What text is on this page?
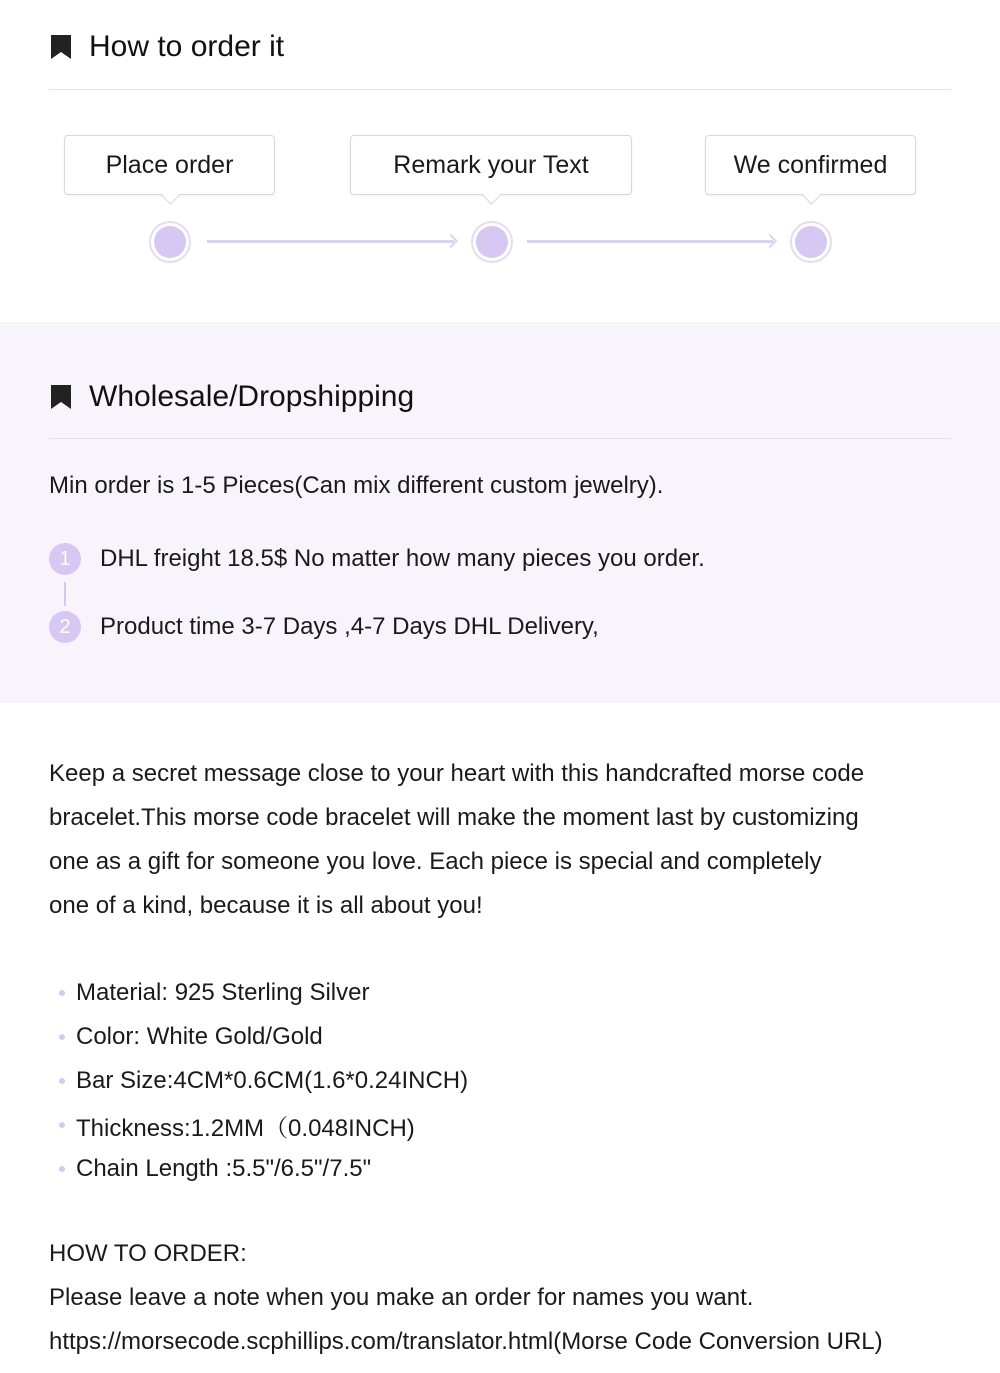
How to order it
Place order	Remark your Text	We confirmed
Wholesale/Dropshipping
Min order is 1-5 Pieces(Can mix different custom jewelry).
1	DHL freight 18.5$ No matter how many pieces you order.
2	Product time 3-7 Days ,4-7 Days DHL Delivery,
Keep a secret message close to your heart with this handcrafted morse code
bracelet.This morse code bracelet will make the moment last by customizing
one as a gift for someone you love. Each piece is special and completely
one of a kind, because it is all about you!
Material: 925 Sterling Silver
Color: White Gold/Gold
Bar Size:4CM*0.6CM(1.6*0.24INCH)
Thickness:1.2MM（0.048INCH)
Chain Length :5.5"/6.5"/7.5"
HOW TO ORDER:
Please leave a note when you make an order for names you want.
https://morsecode.scphillips.com/translator.html(Morse Code Conversion URL)
